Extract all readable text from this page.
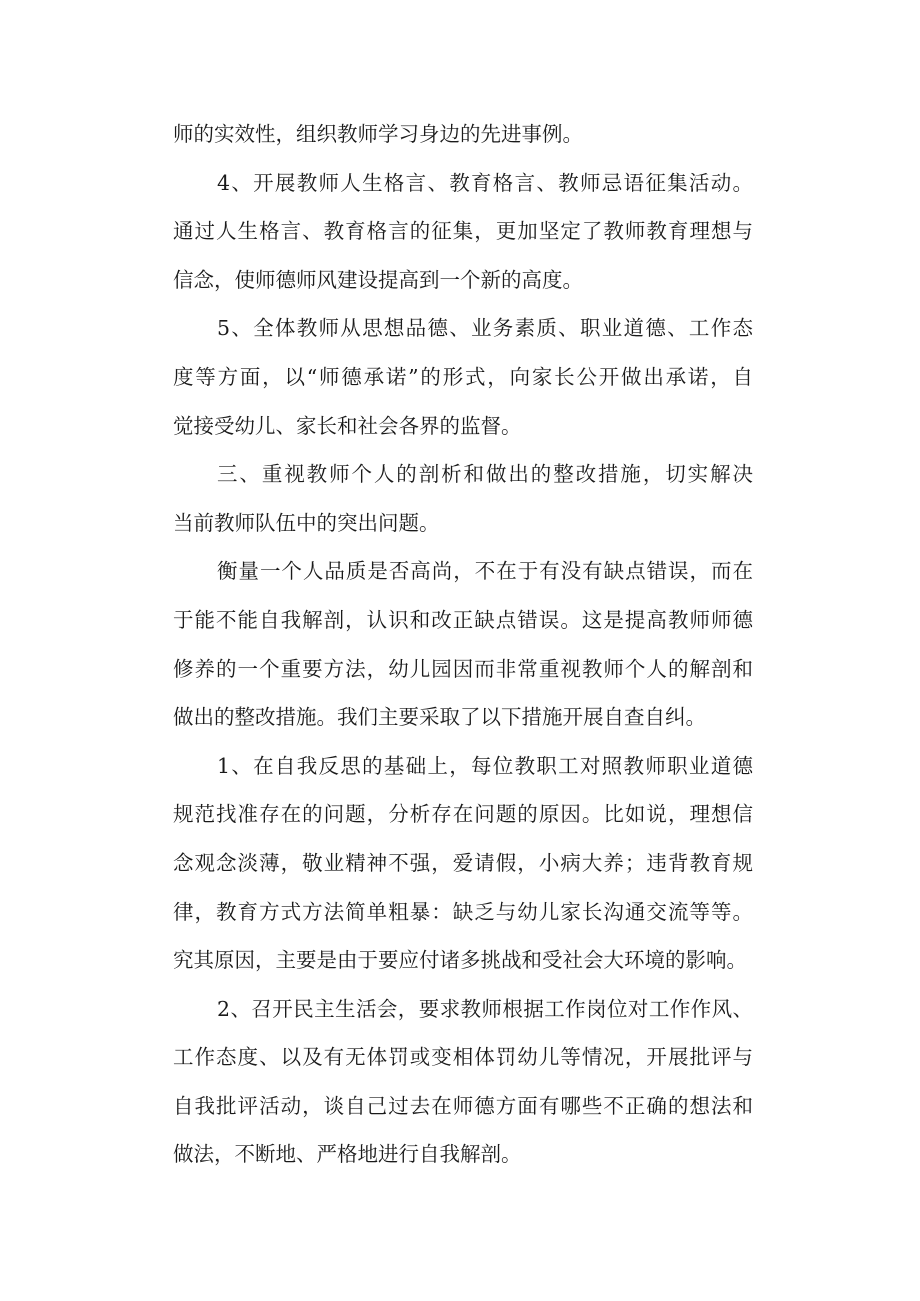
师的实效性，组织教师学习身边的先进事例。
4、开展教师人生格言、教育格言、教师忌语征集活动。
通过人生格言、教育格言的征集，更加坚定了教师教育理想与
信念，使师德师风建设提高到一个新的高度。
5、全体教师从思想品德、业务素质、职业道德、工作态
度等方面，以“师德承诺”的形式，向家长公开做出承诺，自
觉接受幼儿、家长和社会各界的监督。
三、重视教师个人的剖析和做出的整改措施，切实解决
当前教师队伍中的突出问题。
衡量一个人品质是否高尚，不在于有没有缺点错误，而在
于能不能自我解剖，认识和改正缺点错误。这是提高教师师德
修养的一个重要方法，幼儿园因而非常重视教师个人的解剖和
做出的整改措施。我们主要采取了以下措施开展自查自纠。
1、在自我反思的基础上，每位教职工对照教师职业道德
规范找准存在的问题，分析存在问题的原因。比如说，理想信
念观念淡薄，敬业精神不强，爱请假，小病大养；违背教育规
律，教育方式方法简单粗暴：缺乏与幼儿家长沟通交流等等。
究其原因，主要是由于要应付诸多挑战和受社会大环境的影响。
2、召开民主生活会，要求教师根据工作岗位对工作作风、
工作态度、以及有无体罚或变相体罚幼儿等情况，开展批评与
自我批评活动，谈自己过去在师德方面有哪些不正确的想法和
做法，不断地、严格地进行自我解剖。
